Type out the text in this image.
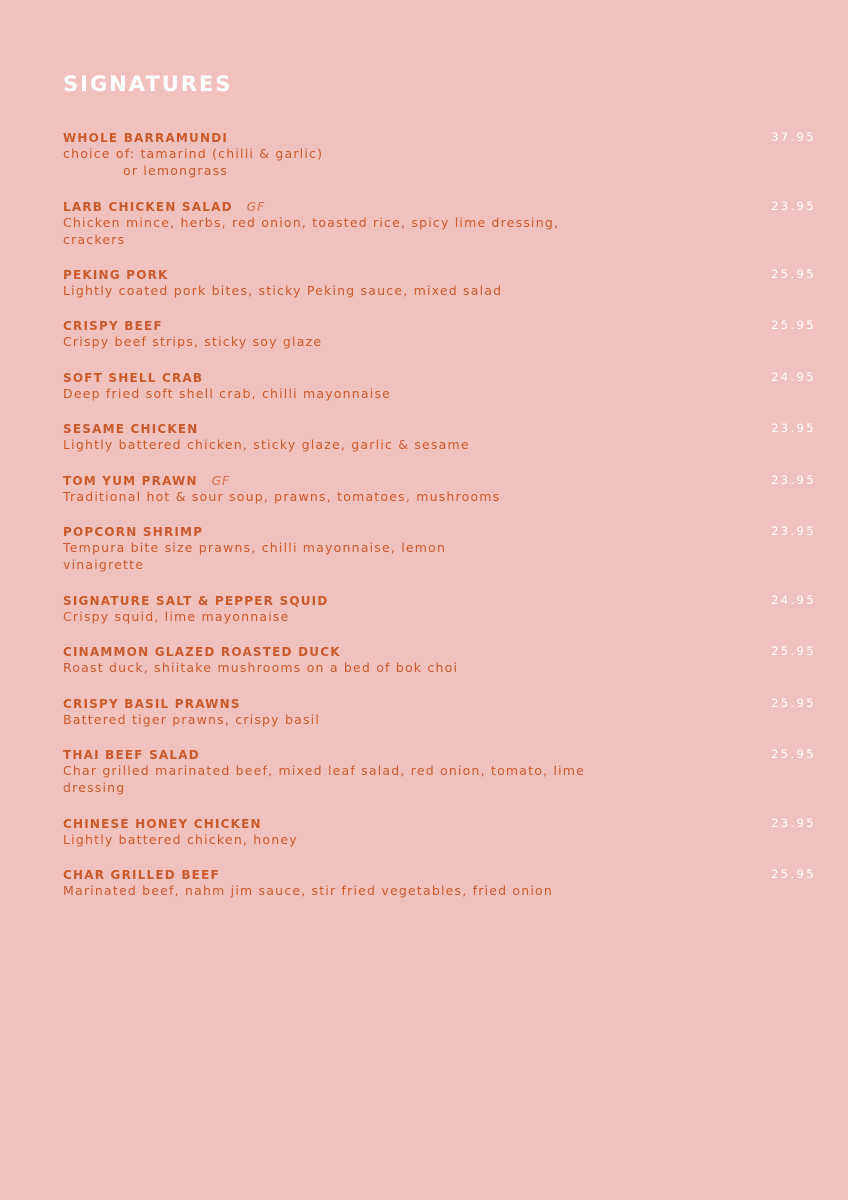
SIGNATURES
WHOLE BARRAMUNDI
choice of: tamarind (chilli & garlic)
or lemongrass
37.95
LARB CHICKEN SALAD GF
Chicken mince, herbs, red onion, toasted rice, spicy lime dressing, crackers
23.95
PEKING PORK
Lightly coated pork bites, sticky Peking sauce, mixed salad
25.95
CRISPY BEEF
Crispy beef strips, sticky soy glaze
25.95
SOFT SHELL CRAB
Deep fried soft shell crab, chilli mayonnaise
24.95
SESAME CHICKEN
Lightly battered chicken, sticky glaze, garlic & sesame
23.95
TOM YUM PRAWN GF
Traditional hot & sour soup, prawns, tomatoes, mushrooms
23.95
POPCORN SHRIMP
Tempura bite size prawns, chilli mayonnaise, lemon vinaigrette
23.95
SIGNATURE SALT & PEPPER SQUID
Crispy squid, lime mayonnaise
24.95
CINAMMON GLAZED ROASTED DUCK
Roast duck, shiitake mushrooms on a bed of bok choi
25.95
CRISPY BASIL PRAWNS
Battered tiger prawns, crispy basil
25.95
THAI BEEF SALAD
Char grilled marinated beef, mixed leaf salad, red onion, tomato, lime dressing
25.95
CHINESE HONEY CHICKEN
Lightly battered chicken, honey
23.95
CHAR GRILLED BEEF
Marinated beef, nahm jim sauce, stir fried vegetables, fried onion
25.95
